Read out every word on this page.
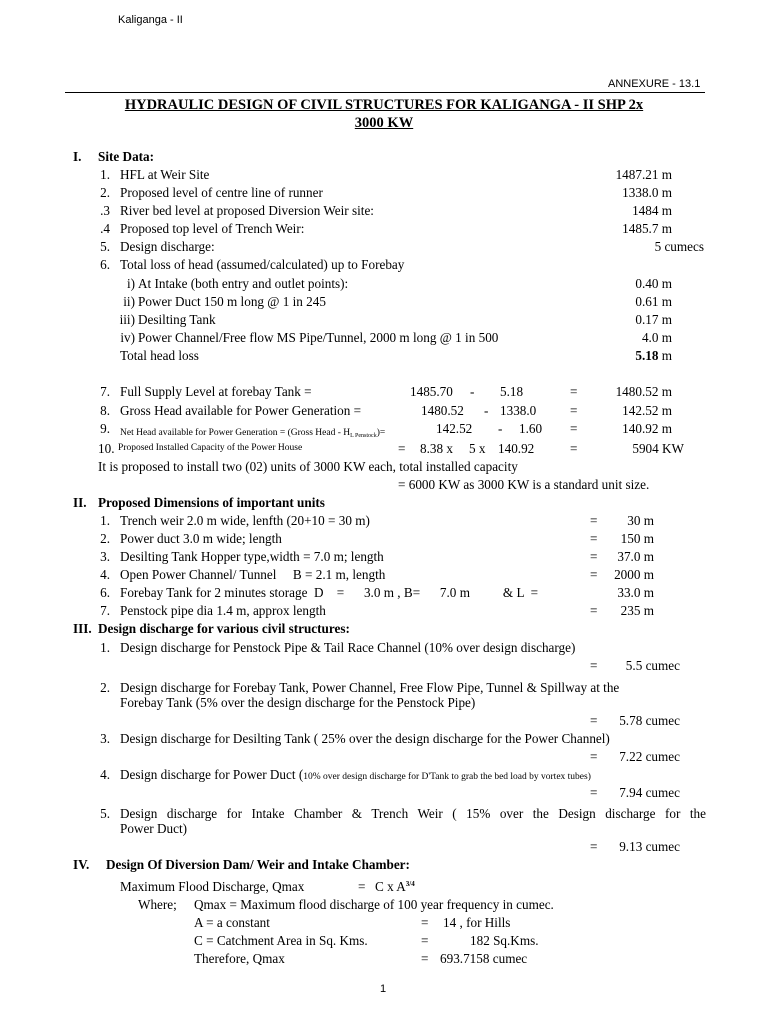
Kaliganga - II
ANNEXURE - 13.1
HYDRAULIC DESIGN OF CIVIL STRUCTURES FOR KALIGANGA - II SHP 2x
3000 KW
I. Site Data:
1. HFL at Weir Site	1487.21 m
2. Proposed level of centre line of runner	1338.0 m
.3 River bed level at proposed Diversion Weir site:	1484 m
.4 Proposed top level of Trench Weir:	1485.7 m
5. Design discharge:	5 cumecs
6. Total loss of head (assumed/calculated) up to Forebay
i) At Intake (both entry and outlet points):	0.40 m
ii) Power Duct 150 m long @ 1 in 245	0.61 m
iii) Desilting Tank	0.17 m
iv) Power Channel/Free flow MS Pipe/Tunnel, 2000 m long @ 1 in 500	4.0 m
Total head loss	5.18 m
7. Full Supply Level at forebay Tank =	1485.70 - 5.18	=	1480.52 m
8. Gross Head available for Power Generation =	1480.52 - 1338.0	=	142.52 m
9. Net Head available for Power Generation = (Gross Head - $H_{L Penstock})=$	142.52 - 1.60 =	140.92 m
10. Proposed Installed Capacity of the Power House	= 8.38 x 5 x 140.92	=	5904 KW
It is proposed to install two (02) units of 3000 KW each, total installed capacity
= 6000 KW as 3000 KW is a standard unit size.
II. Proposed Dimensions of important units
1. Trench weir 2.0 m wide, lenfth (20+10 = 30 m)	=	30 m
2. Power duct 3.0 m wide; length	=	150 m
3. Desilting Tank Hopper type,width = 7.0 m; length	=	37.0 m
4. Open Power Channel/ Tunnel     B = 2.1 m, length	=	2000 m
6. Forebay Tank for 2 minutes storage  D    =      3.0 m , B=      7.0 m          & L  =	33.0 m
7. Penstock pipe dia 1.4 m, approx length	=	235 m
III. Design discharge for various civil structures:
1. Design discharge for Penstock Pipe & Tail Race Channel (10% over design discharge)
=	5.5 cumec
2. Design discharge for Forebay Tank, Power Channel, Free Flow Pipe, Tunnel & Spillway at the
Forebay Tank (5% over the design discharge for the Penstock Pipe)
=	5.78 cumec
3. Design discharge for Desilting Tank ( 25% over the design discharge for the Power Channel)
=	7.22 cumec
4. Design discharge for Power Duct (10% over design discharge for D'Tank to grab the bed load by vortex tubes)
=	7.94 cumec
5. Design discharge for Intake Chamber & Trench Weir ( 15% over the Design discharge for the
Power Duct)
=	9.13 cumec
IV. Design Of Diversion Dam/ Weir and Intake Chamber:
Maximum Flood Discharge, Qmax	= C x $A^{3/4}$
Where; Qmax = Maximum flood discharge of 100 year frequency in cumec.
A = a constant	= 14 , for Hills
C = Catchment Area in Sq. Kms.	=	182 Sq.Kms.
Therefore, Qmax	= 693.7158 cumec
1
